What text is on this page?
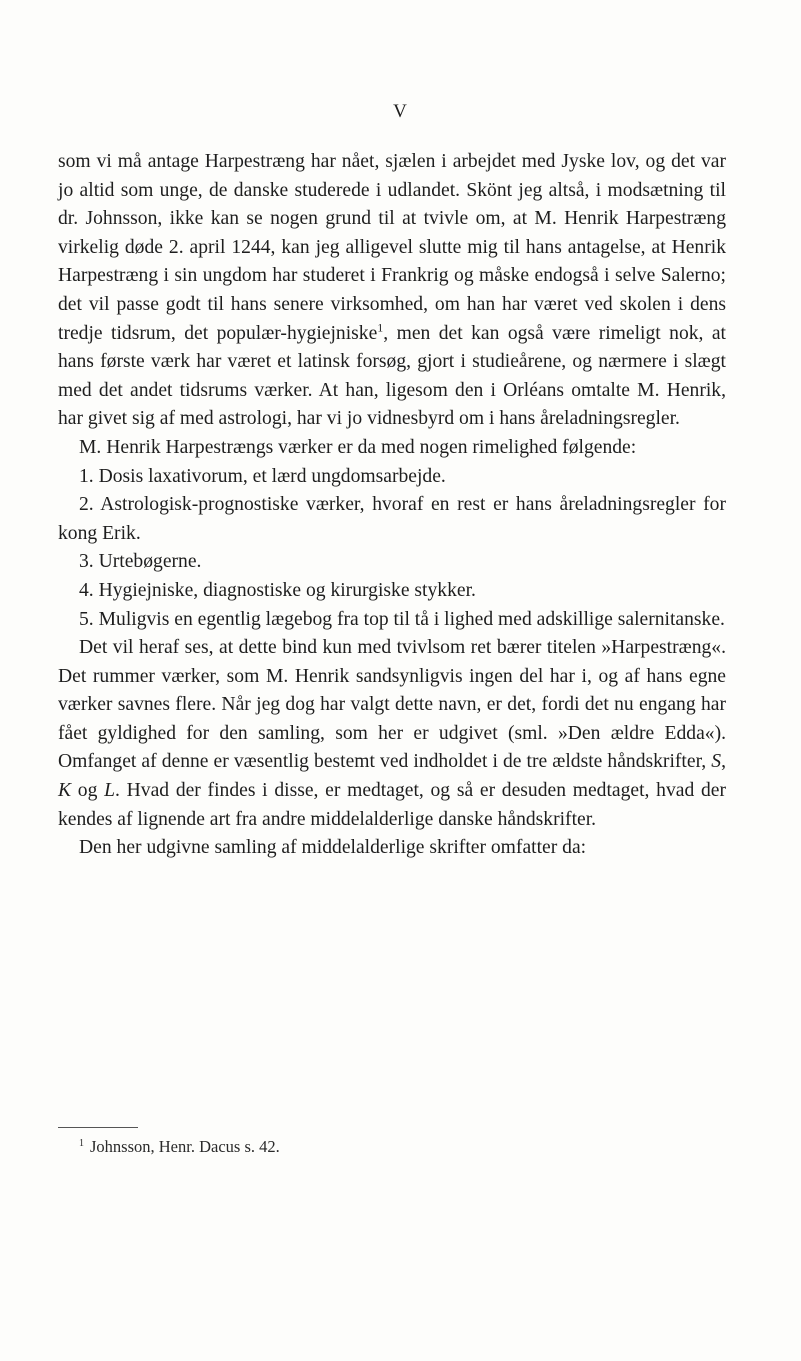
V

som vi må antage Harpestræng har nået, sjælen i arbejdet med Jyske lov, og det var jo altid som unge, de danske studerede i udlandet. Skönt jeg altså, i modsætning til dr. Johnsson, ikke kan se nogen grund til at tvivle om, at M. Henrik Harpestræng virkelig døde 2. april 1244, kan jeg alligevel slutte mig til hans antagelse, at Henrik Harpestræng i sin ungdom har studeret i Frankrig og måske endogså i selve Salerno; det vil passe godt til hans senere virksomhed, om han har været ved skolen i dens tredje tidsrum, det populær-hygiejniske$^1$, men det kan også være rimeligt nok, at hans første værk har været et latinsk forsøg, gjort i studieårene, og nærmere i slægt med det andet tidsrums værker. At han, ligesom den i Orléans omtalte M. Henrik, har givet sig af med astrologi, har vi jo vidnesbyrd om i hans åreladningsregler.

M. Henrik Harpestrængs værker er da med nogen rimelighed følgende:

1. Dosis laxativorum, et lærd ungdomsarbejde.

2. Astrologisk-prognostiske værker, hvoraf en rest er hans åreladningsregler for kong Erik.

3. Urtebøgerne.

4. Hygiejniske, diagnostiske og kirurgiske stykker.

5. Muligvis en egentlig lægebog fra top til tå i lighed med adskillige salernitanske.

Det vil heraf ses, at dette bind kun med tvivlsom ret bærer titelen »Harpestræng«. Det rummer værker, som M. Henrik sandsynligvis ingen del har i, og af hans egne værker savnes flere. Når jeg dog har valgt dette navn, er det, fordi det nu engang har fået gyldighed for den samling, som her er udgivet (sml. »Den ældre Edda«). Omfanget af denne er væsentlig bestemt ved indholdet i de tre ældste håndskrifter, S, K og L. Hvad der findes i disse, er medtaget, og så er desuden medtaget, hvad der kendes af lignende art fra andre middelalderlige danske håndskrifter.

Den her udgivne samling af middelalderlige skrifter omfatter da:

$^1$ Johnsson, Henr. Dacus s. 42.
